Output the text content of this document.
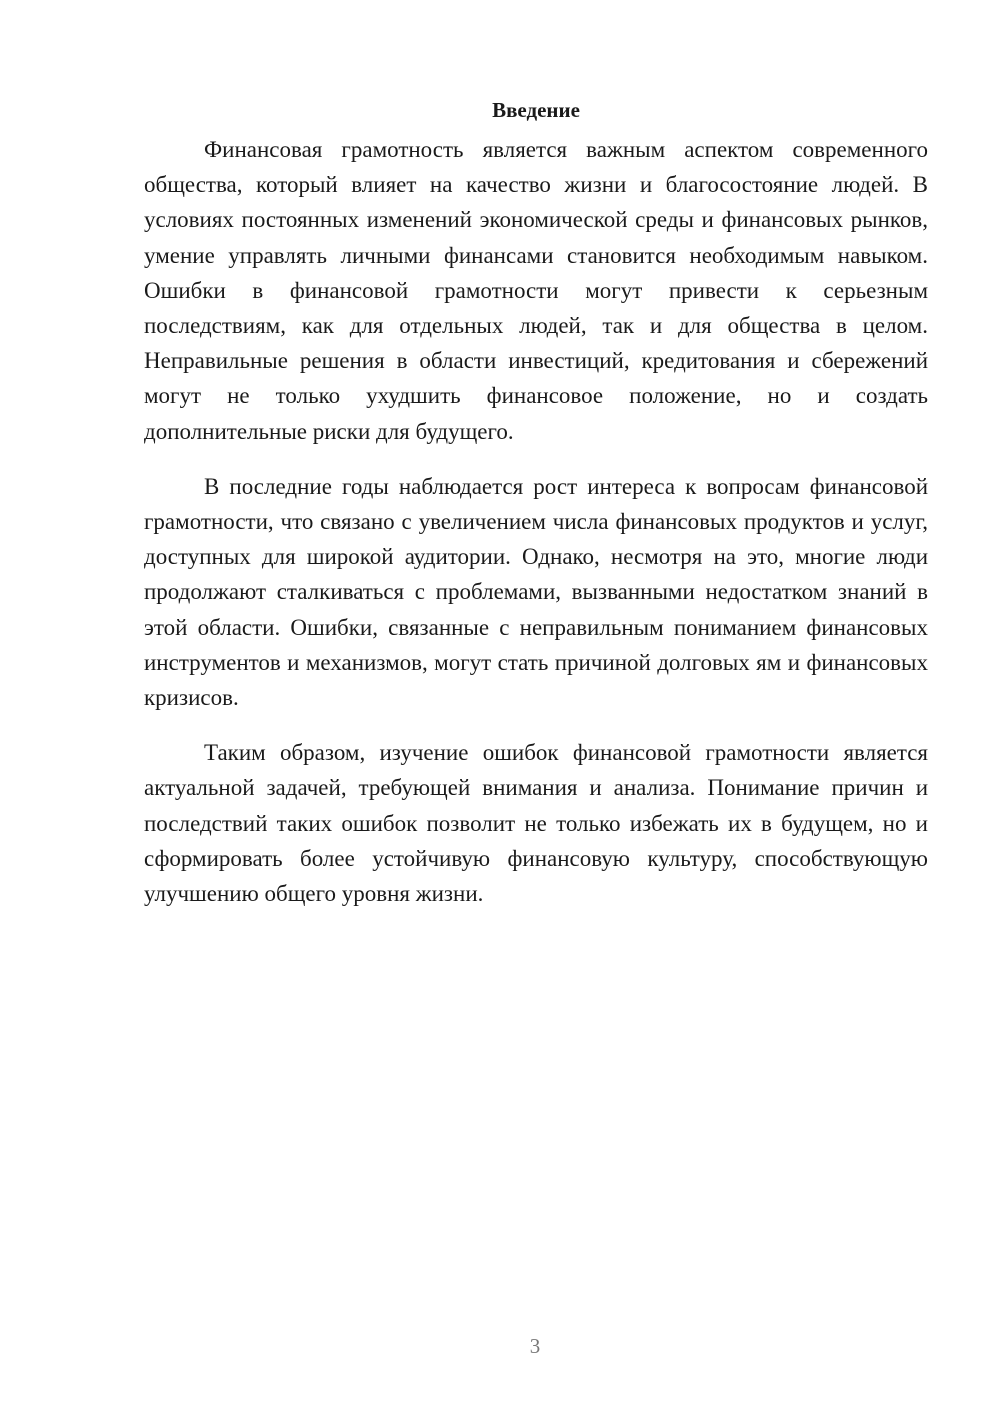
Введение

Финансовая грамотность является важным аспектом современного общества, который влияет на качество жизни и благосостояние людей. В условиях постоянных изменений экономической среды и финансовых рынков, умение управлять личными финансами становится необходимым навыком. Ошибки в финансовой грамотности могут привести к серьезным последствиям, как для отдельных людей, так и для общества в целом. Неправильные решения в области инвестиций, кредитования и сбережений могут не только ухудшить финансовое положение, но и создать дополнительные риски для будущего.

В последние годы наблюдается рост интереса к вопросам финансовой грамотности, что связано с увеличением числа финансовых продуктов и услуг, доступных для широкой аудитории. Однако, несмотря на это, многие люди продолжают сталкиваться с проблемами, вызванными недостатком знаний в этой области. Ошибки, связанные с неправильным пониманием финансовых инструментов и механизмов, могут стать причиной долговых ям и финансовых кризисов.

Таким образом, изучение ошибок финансовой грамотности является актуальной задачей, требующей внимания и анализа. Понимание причин и последствий таких ошибок позволит не только избежать их в будущем, но и сформировать более устойчивую финансовую культуру, способствующую улучшению общего уровня жизни.

3
